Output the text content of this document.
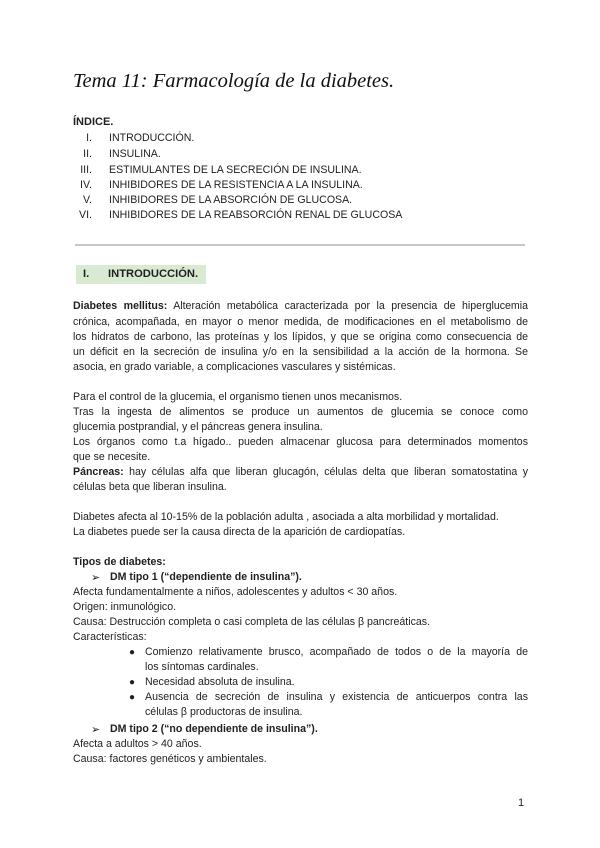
Tema 11: Farmacología de la diabetes.
ÍNDICE.
I. INTRODUCCIÓN.
II. INSULINA.
III. ESTIMULANTES DE LA SECRECIÓN DE INSULINA.
IV. INHIBIDORES DE LA RESISTENCIA A LA INSULINA.
V. INHIBIDORES DE LA ABSORCIÓN DE GLUCOSA.
VI. INHIBIDORES DE LA REABSORCIÓN RENAL DE GLUCOSA
I. INTRODUCCIÓN.
Diabetes mellitus: Alteración metabólica caracterizada por la presencia de hiperglucemia
crónica, acompañada, en mayor o menor medida, de modificaciones en el metabolismo de
los hidratos de carbono, las proteínas y los lípidos, y que se origina como consecuencia de
un déficit en la secreción de insulina y/o en la sensibilidad a la acción de la hormona. Se
asocia, en grado variable, a complicaciones vasculares y sistémicas.
Para el control de la glucemia, el organismo tienen unos mecanismos.
Tras la ingesta de alimentos se produce un aumentos de glucemia se conoce como
glucemia postprandial, y el páncreas genera insulina.
Los órganos como t.a hígado.. pueden almacenar glucosa para determinados momentos
que se necesite.
Páncreas: hay células alfa que liberan glucagón, células delta que liberan somatostatina y
células beta que liberan insulina.
Diabetes afecta al 10-15% de la población adulta , asociada a alta morbilidad y mortalidad.
La diabetes puede ser la causa directa de la aparición de cardiopatías.
Tipos de diabetes:
➢ DM tipo 1 (“dependiente de insulina”).
Afecta fundamentalmente a niños, adolescentes y adultos < 30 años.
Origen: inmunológico.
Causa: Destrucción completa o casi completa de las células β pancreáticas.
Características:
● Comienzo relativamente brusco, acompañado de todos o de la mayoría de
los síntomas cardinales.
● Necesidad absoluta de insulina.
● Ausencia de secreción de insulina y existencia de anticuerpos contra las
células β productoras de insulina.
➢ DM tipo 2 (“no dependiente de insulina”).
Afecta a adultos > 40 años.
Causa: factores genéticos y ambientales.
1
